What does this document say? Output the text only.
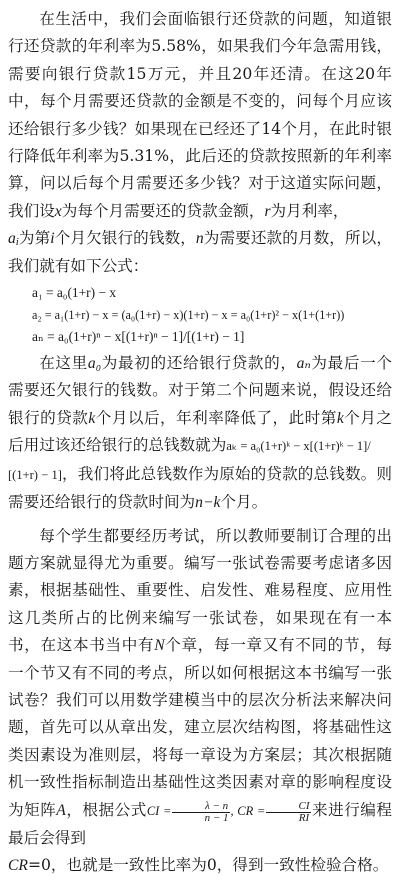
在生活中，我们会面临银行还贷款的问题，知道银行还贷款的年利率为5.58%，如果我们今年急需用钱，需要向银行贷款15万元，并且20年还清。在这20年中，每个月需要还贷款的金额是不变的，问每个月应该还给银行多少钱？如果现在已经还了14个月，在此时银行降低年利率为5.31%，此后还的贷款按照新的年利率算，问以后每个月需要还多少钱？对于这道实际问题，我们设x为每个月需要还的贷款金额，r为月利率，
$a_i$为第i个月欠银行的钱数，n为需要还款的月数，所以，我们就有如下公式：

a₁ = a₀(1+r) − x
a₂ = a₁(1+r) − x = (a₀(1+r) − x)(1+r) − x = a₀(1+r)² − x(1+(1+r))
aₙ = a₀(1+r)ⁿ − x[(1+r)ⁿ − 1]/[(1+r) − 1]

在这里a₀为最初的还给银行贷款的，aₙ为最后一个需要还欠银行的钱数。对于第二个问题来说，假设还给银行的贷款k个月以后，年利率降低了，此时第k个月之后用过该还给银行的总钱数就为aₖ = a₀(1+r)ᵏ − x[(1+r)ᵏ − 1]/
[(1+r) − 1]，我们将此总钱数作为原始的贷款的总钱数。则需要还给银行的贷款时间为n−k个月。

每个学生都要经历考试，所以教师要制订合理的出题方案就显得尤为重要。编写一张试卷需要考虑诸多因素，根据基础性、重要性、启发性、难易程度、应用性这几类所占的比例来编写一张试卷，如果现在有一本书，在这本书当中有N个章，每一章又有不同的节，每一个节又有不同的考点，所以如何根据这本书编写一张试卷？我们可以用数学建模当中的层次分析法来解决问题，首先可以从章出发，建立层次结构图，将基础性这类因素设为准则层，将每一章设为方案层；其次根据随机一致性指标制造出基础性这类因素对章的影响程度设为矩阵A，根据公式CI = $\frac{\lambda - n}{n - 1}$ , CR = $\frac{CI}{RI}$ 来进行编程最后会得到
CR=0，也就是一致性比率为0，得到一致性检验合格。
